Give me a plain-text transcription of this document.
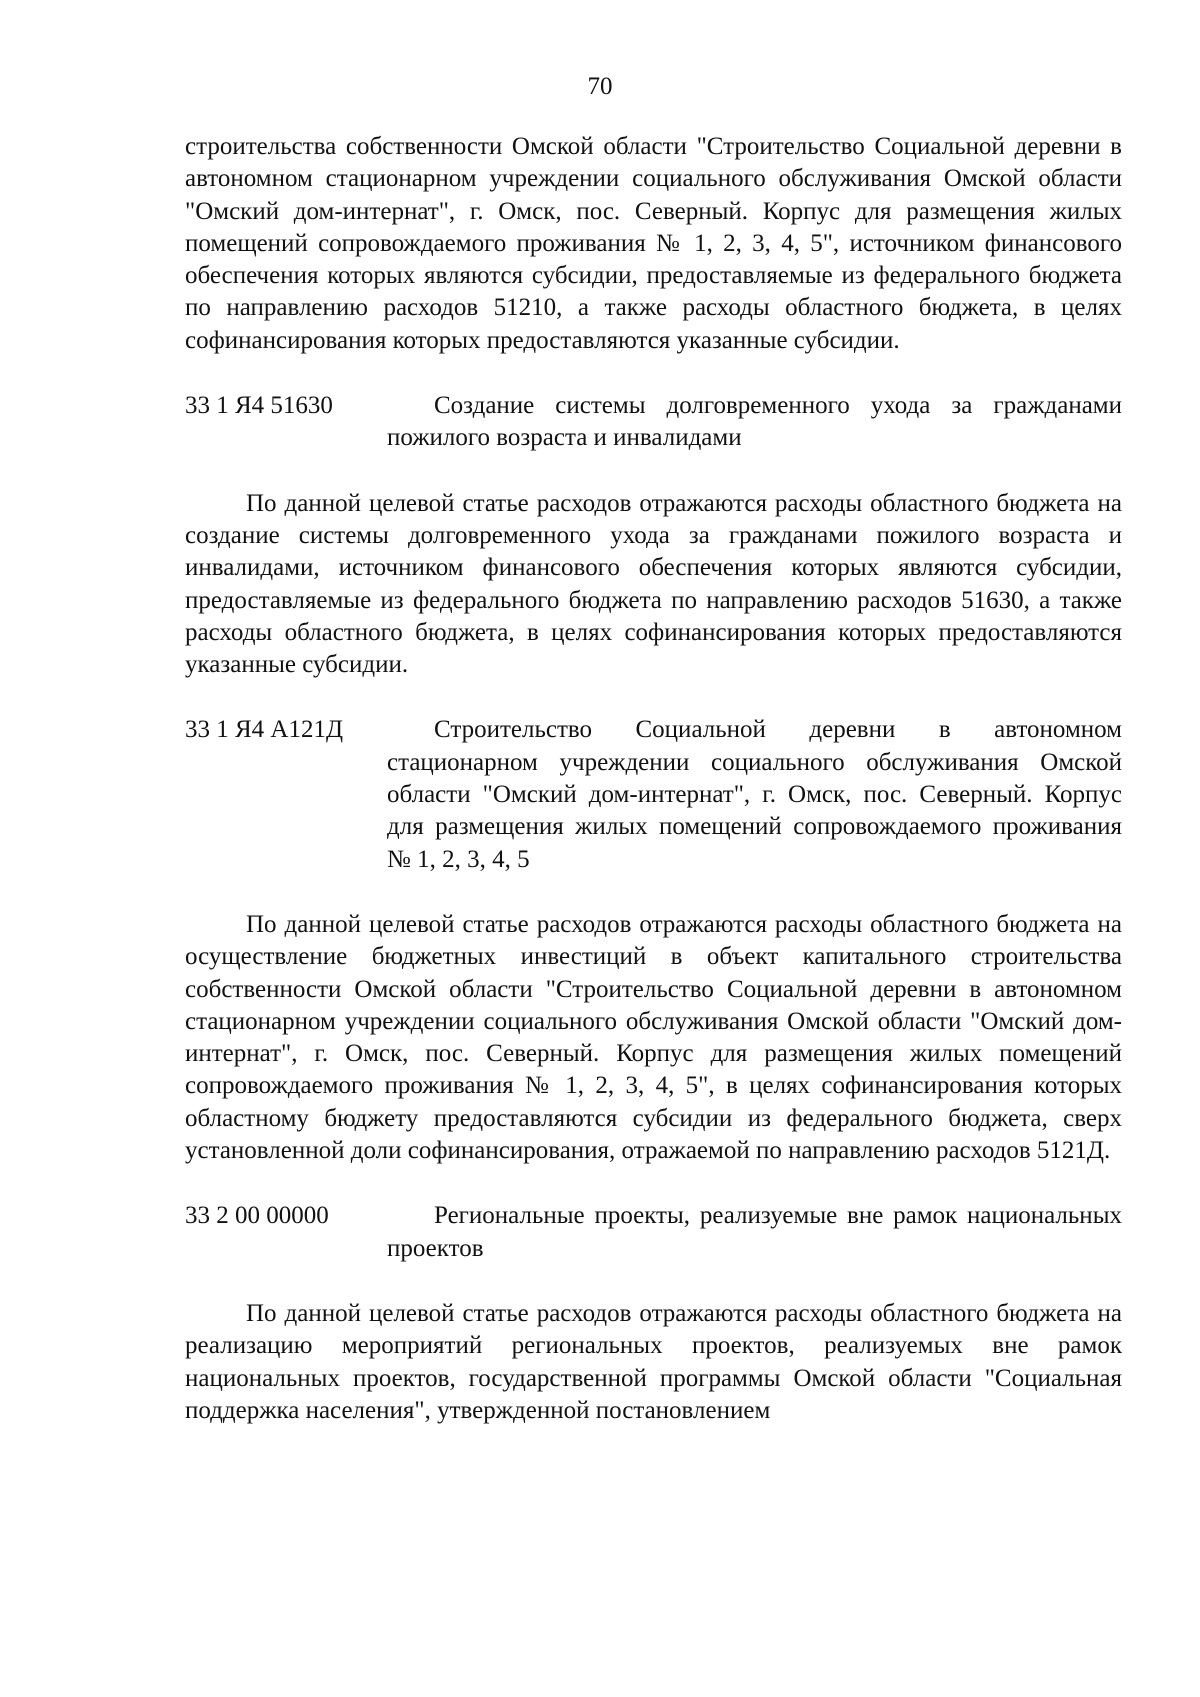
70

строительства собственности Омской области "Строительство Социальной деревни в автономном стационарном учреждении социального обслуживания Омской области "Омский дом-интернат", г. Омск, пос. Северный. Корпус для размещения жилых помещений сопровождаемого проживания № 1, 2, 3, 4, 5", источником финансового обеспечения которых являются субсидии, предоставляемые из федерального бюджета по направлению расходов 51210, а также расходы областного бюджета, в целях софинансирования которых предоставляются указанные субсидии.

33 1 Я4 51630	Создание системы долговременного ухода за гражданами пожилого возраста и инвалидами

По данной целевой статье расходов отражаются расходы областного бюджета на создание системы долговременного ухода за гражданами пожилого возраста и инвалидами, источником финансового обеспечения которых являются субсидии, предоставляемые из федерального бюджета по направлению расходов 51630, а также расходы областного бюджета, в целях софинансирования которых предоставляются указанные субсидии.

33 1 Я4 А121Д	Строительство Социальной деревни в автономном стационарном учреждении социального обслуживания Омской области "Омский дом-интернат", г. Омск, пос. Северный. Корпус для размещения жилых помещений сопровождаемого проживания № 1, 2, 3, 4, 5

По данной целевой статье расходов отражаются расходы областного бюджета на осуществление бюджетных инвестиций в объект капитального строительства собственности Омской области "Строительство Социальной деревни в автономном стационарном учреждении социального обслуживания Омской области "Омский дом-интернат", г. Омск, пос. Северный. Корпус для размещения жилых помещений сопровождаемого проживания № 1, 2, 3, 4, 5", в целях софинансирования которых областному бюджету предоставляются субсидии из федерального бюджета, сверх установленной доли софинансирования, отражаемой по направлению расходов 5121Д.

33 2 00 00000	Региональные проекты, реализуемые вне рамок национальных проектов

По данной целевой статье расходов отражаются расходы областного бюджета на реализацию мероприятий региональных проектов, реализуемых вне рамок национальных проектов, государственной программы Омской области "Социальная поддержка населения", утвержденной постановлением
